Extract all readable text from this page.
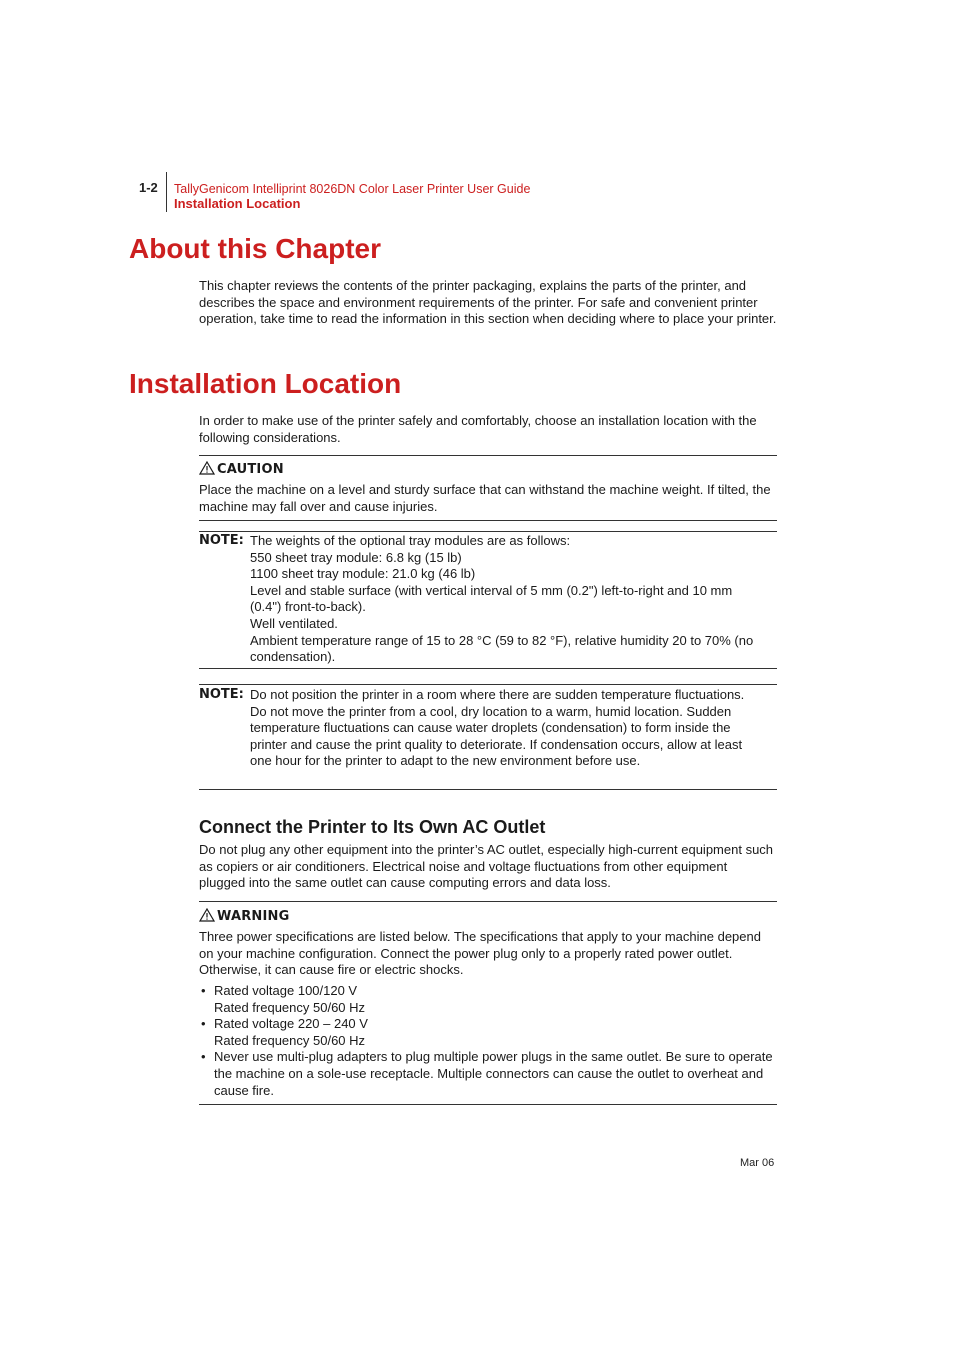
1-2 TallyGenicom Intelliprint 8026DN Color Laser Printer User Guide
Installation Location
About this Chapter
This chapter reviews the contents of the printer packaging, explains the parts of the printer, and describes the space and environment requirements of the printer. For safe and convenient printer operation, take time to read the information in this section when deciding where to place your printer.
Installation Location
In order to make use of the printer safely and comfortably, choose an installation location with the following considerations.
CAUTION
Place the machine on a level and sturdy surface that can withstand the machine weight. If tilted, the machine may fall over and cause injuries.
NOTE: The weights of the optional tray modules are as follows:
550 sheet tray module: 6.8 kg (15 lb)
1100 sheet tray module: 21.0 kg (46 lb)
Level and stable surface (with vertical interval of 5 mm (0.2") left-to-right and 10 mm (0.4") front-to-back).
Well ventilated.
Ambient temperature range of 15 to 28 °C (59 to 82 °F), relative humidity 20 to 70% (no condensation).
NOTE: Do not position the printer in a room where there are sudden temperature fluctuations. Do not move the printer from a cool, dry location to a warm, humid location. Sudden temperature fluctuations can cause water droplets (condensation) to form inside the printer and cause the print quality to deteriorate. If condensation occurs, allow at least one hour for the printer to adapt to the new environment before use.
Connect the Printer to Its Own AC Outlet
Do not plug any other equipment into the printer’s AC outlet, especially high-current equipment such as copiers or air conditioners. Electrical noise and voltage fluctuations from other equipment plugged into the same outlet can cause computing errors and data loss.
WARNING
Three power specifications are listed below. The specifications that apply to your machine depend on your machine configuration. Connect the power plug only to a properly rated power outlet. Otherwise, it can cause fire or electric shocks.
• Rated voltage 100/120 V
Rated frequency 50/60 Hz
• Rated voltage 220 – 240 V
Rated frequency 50/60 Hz
• Never use multi-plug adapters to plug multiple power plugs in the same outlet. Be sure to operate the machine on a sole-use receptacle. Multiple connectors can cause the outlet to overheat and cause fire.
Mar 06
